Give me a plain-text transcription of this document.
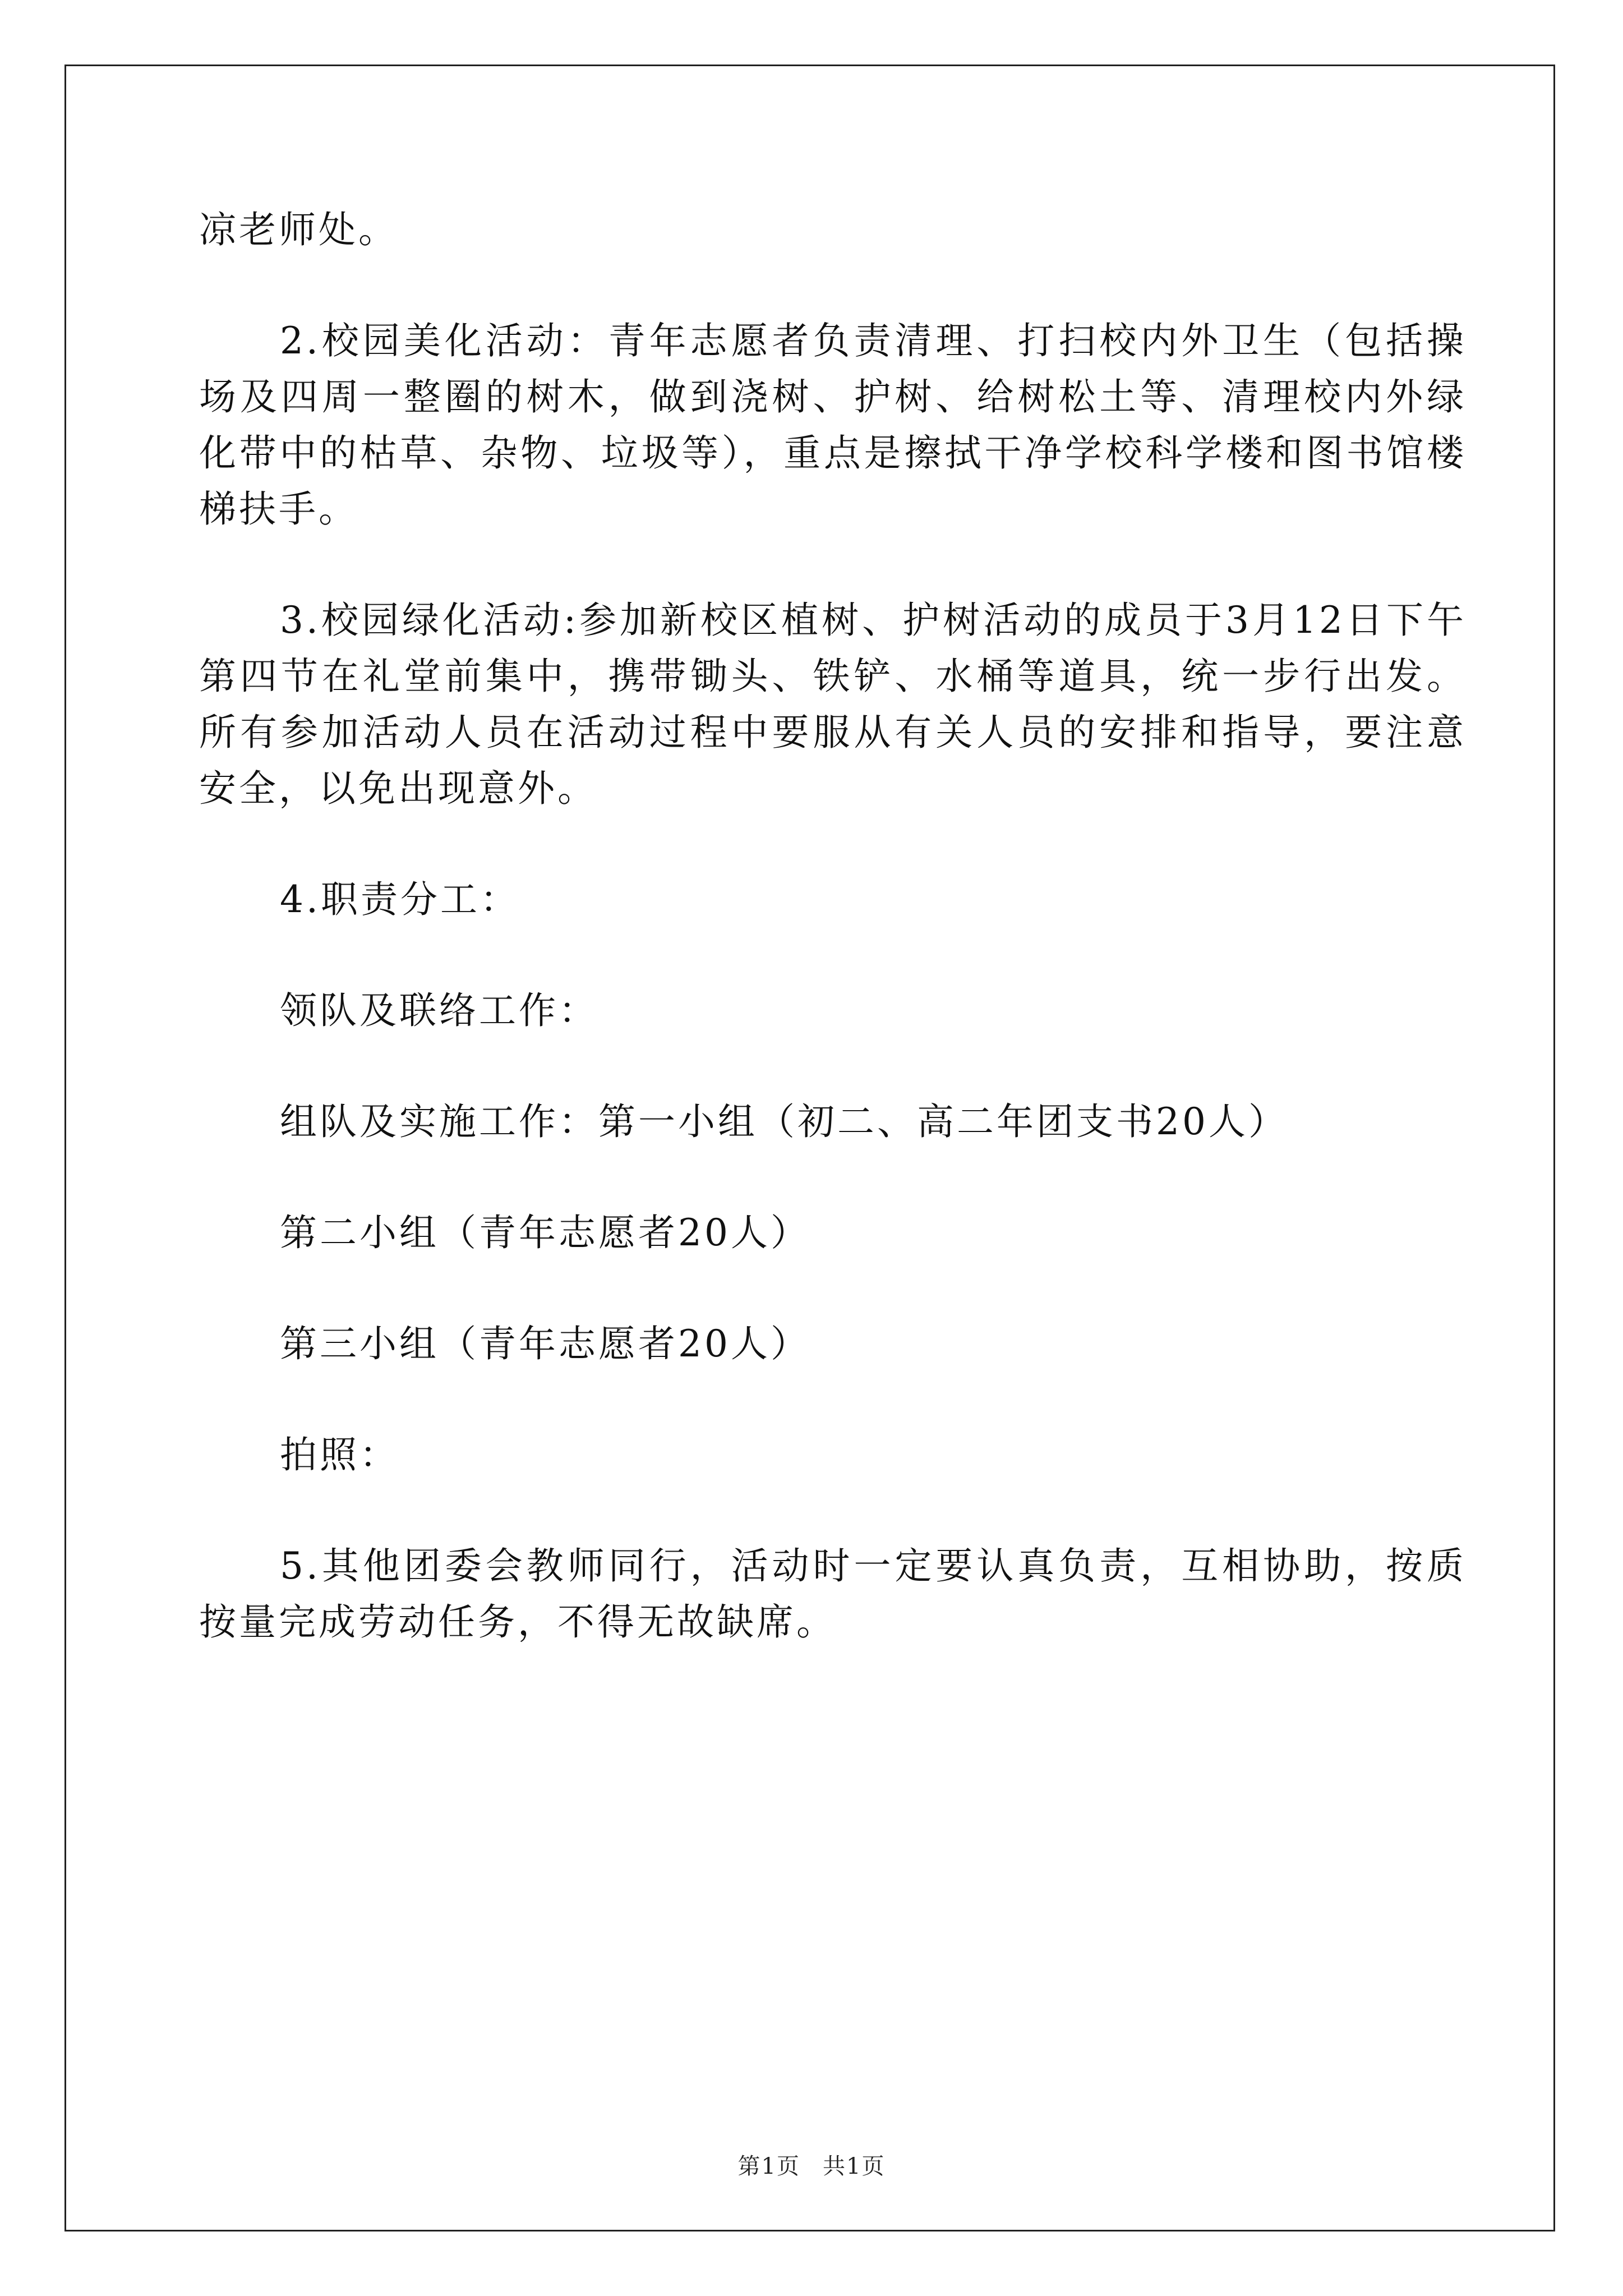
凉老师处。

2.校园美化活动：青年志愿者负责清理、打扫校内外卫生（包括操场及四周一整圈的树木，做到浇树、护树、给树松土等、清理校内外绿化带中的枯草、杂物、垃圾等），重点是擦拭干净学校科学楼和图书馆楼梯扶手。

3.校园绿化活动:参加新校区植树、护树活动的成员于3月12日下午第四节在礼堂前集中，携带锄头、铁铲、水桶等道具，统一步行出发。所有参加活动人员在活动过程中要服从有关人员的安排和指导，要注意安全，以免出现意外。

4.职责分工：

领队及联络工作：

组队及实施工作：第一小组（初二、高二年团支书20人）

第二小组（青年志愿者20人）

第三小组（青年志愿者20人）

拍照：

5.其他团委会教师同行，活动时一定要认真负责，互相协助，按质按量完成劳动任务，不得无故缺席。

第1页 共1页
